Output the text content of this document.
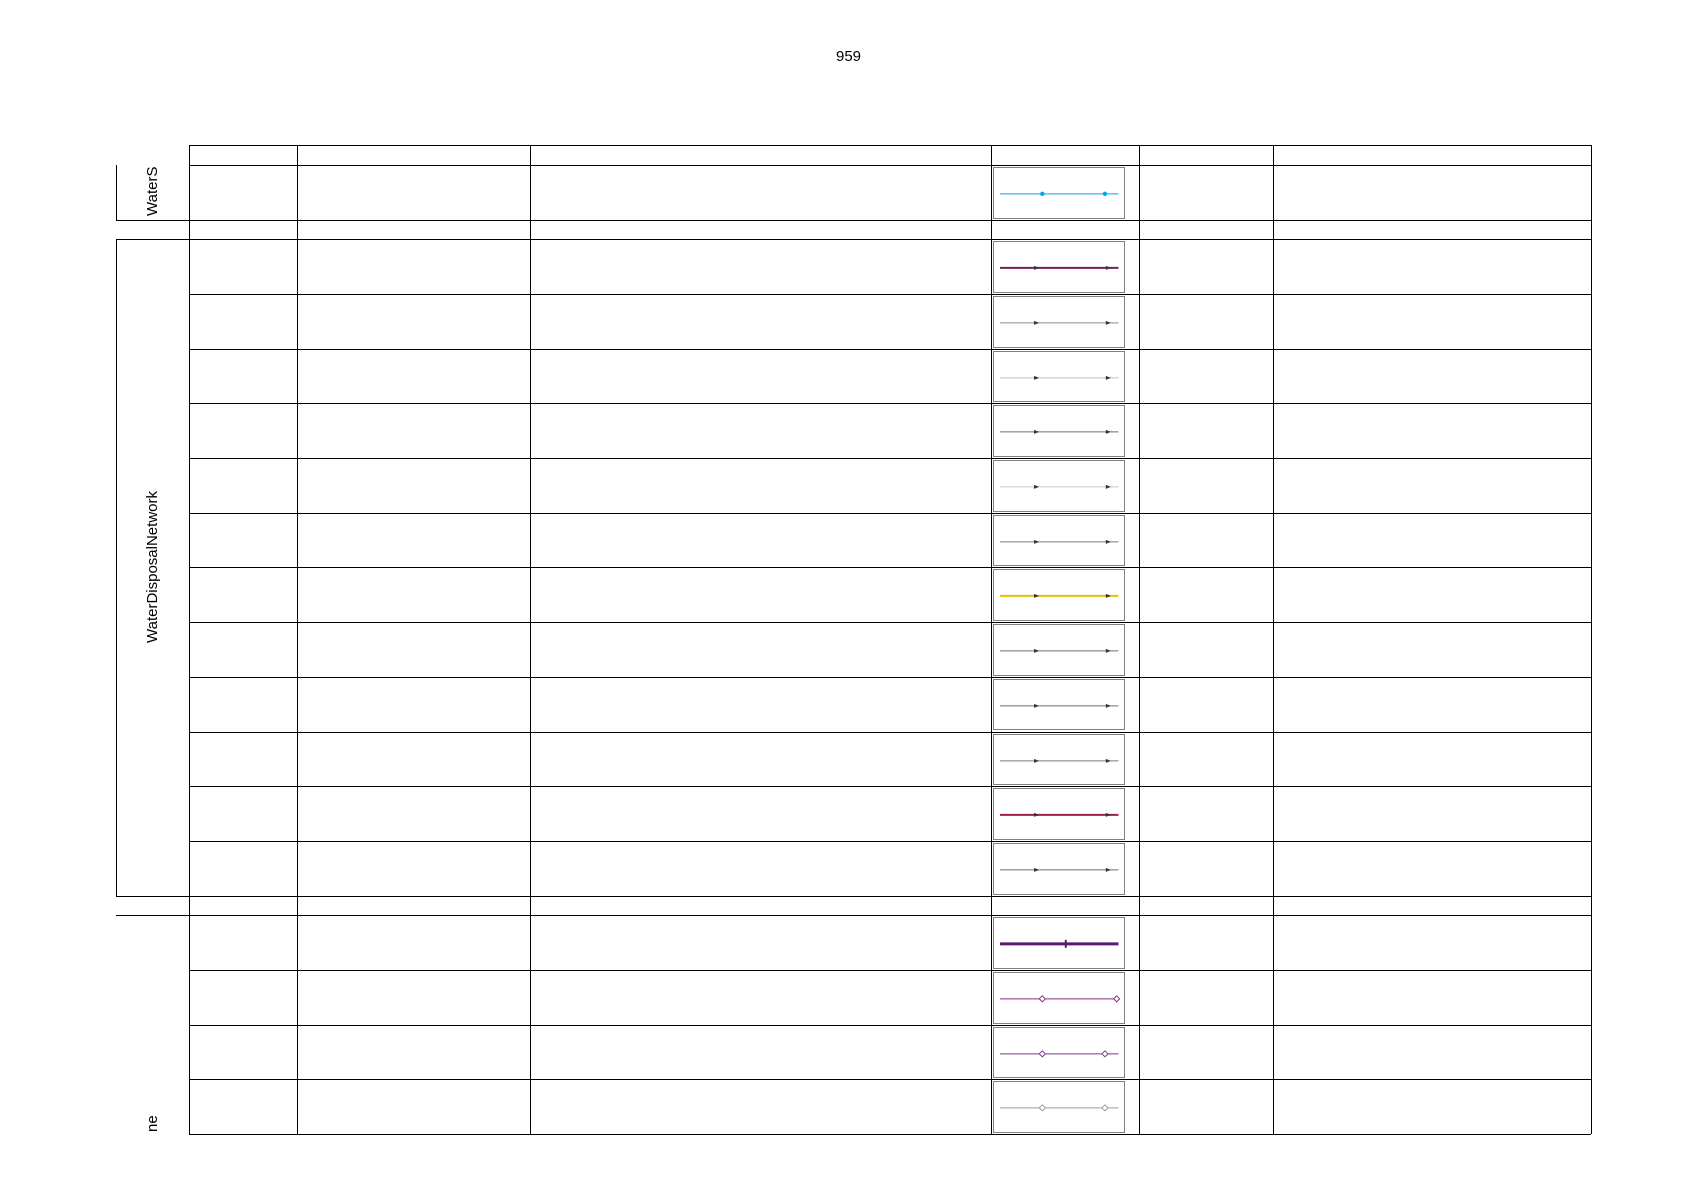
959
WaterS
WaterDisposalNetwork
ne
